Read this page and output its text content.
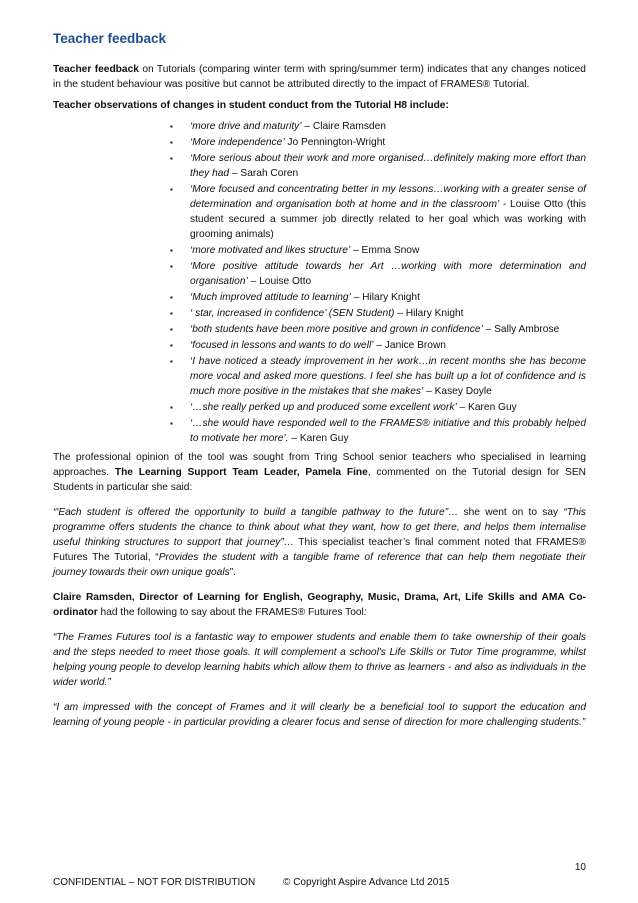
Teacher feedback

Teacher feedback on Tutorials (comparing winter term with spring/summer term) indicates that any changes noticed in the student behaviour was positive but cannot be attributed directly to the impact of FRAMES® Tutorial.

Teacher observations of changes in student conduct from the Tutorial H8 include:

▪ ‘more drive and maturity’ – Claire Ramsden
▪ ‘More independence’ Jo Pennington-Wright
▪ ‘More serious about their work and more organised…definitely making more effort than they had – Sarah Coren
▪ ‘More focused and concentrating better in my lessons…working with a greater sense of determination and organisation both at home and in the classroom’ - Louise Otto (this student secured a summer job directly related to her goal which was working with grooming animals)
▪ ‘more motivated and likes structure’ – Emma Snow
▪ ‘More positive attitude towards her Art …working with more determination and organisation’ – Louise Otto
▪ ‘Much improved attitude to learning’ – Hilary Knight
▪ ‘ star, increased in confidence’ (SEN Student) – Hilary Knight
▪ ‘both students have been more positive and grown in confidence’ – Sally Ambrose
▪ ‘focused in lessons and wants to do well’ – Janice Brown
▪ ‘I have noticed a steady improvement in her work…in recent months she has become more vocal and asked more questions. I feel she has built up a lot of confidence and is much more positive in the mistakes that she makes’ – Kasey Doyle
▪ ‘…she really perked up and produced some excellent work’ – Karen Guy
▪ ‘…she would have responded well to the FRAMES® initiative and this probably helped to motivate her more’. – Karen Guy

The professional opinion of the tool was sought from Tring School senior teachers who specialised in learning approaches. The Learning Support Team Leader, Pamela Fine, commented on the Tutorial design for SEN Students in particular she said:

“'Each student is offered the opportunity to build a tangible pathway to the future”… she went on to say “This programme offers students the chance to think about what they want, how to get there, and helps them internalise useful thinking structures to support that journey”… This specialist teacher’s final comment noted that FRAMES® Futures The Tutorial, “Provides the student with a tangible frame of reference that can help them negotiate their journey towards their own unique goals”.

Claire Ramsden, Director of Learning for English, Geography, Music, Drama, Art, Life Skills and AMA Co-ordinator had the following to say about the FRAMES® Futures Tool:

“The Frames Futures tool is a fantastic way to empower students and enable them to take ownership of their goals and the steps needed to meet those goals. It will complement a school's Life Skills or Tutor Time programme, whilst helping young people to develop learning habits which allow them to thrive as learners - and also as individuals in the wider world.”

“I am impressed with the concept of Frames and it will clearly be a beneficial tool to support the education and learning of young people - in particular providing a clearer focus and sense of direction for more challenging students.”

10
CONFIDENTIAL – NOT FOR DISTRIBUTION	© Copyright Aspire Advance Ltd 2015
